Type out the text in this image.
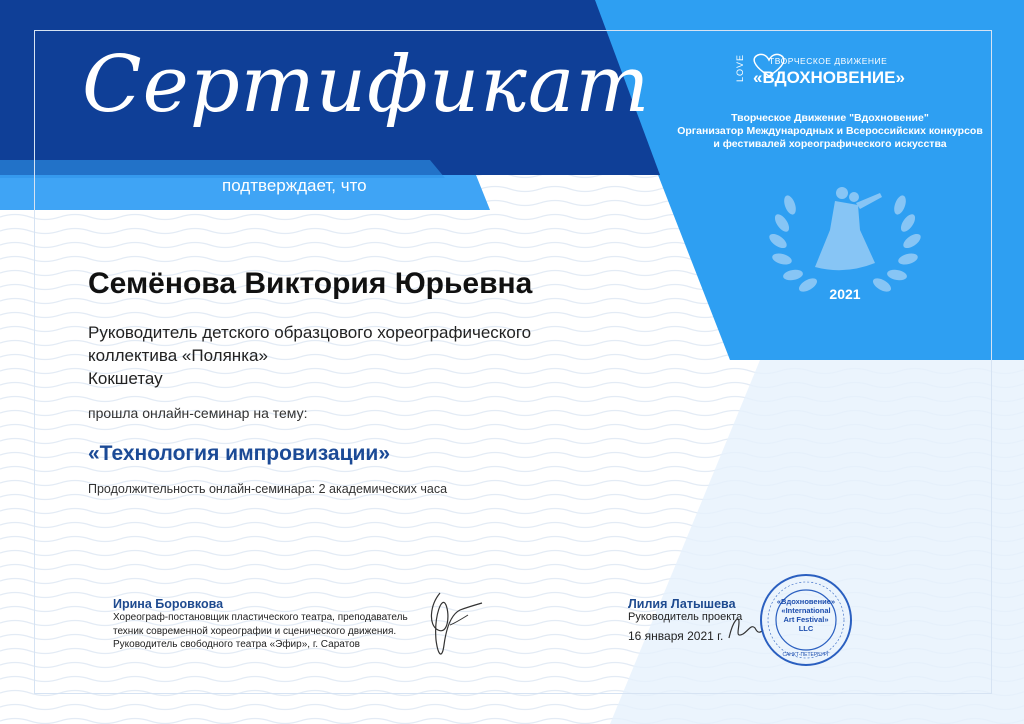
Сертификат
подтверждает, что
LOVE	ТВОРЧЕСКОЕ ДВИЖЕНИЕ
«ВДОХНОВЕНИЕ»
Творческое Движение "Вдохновение"
Организатор Международных и Всероссийских конкурсов
и фестивалей хореографического искусства
2021
Семёнова Виктория Юрьевна
Руководитель детского образцового хореографического
коллектива «Полянка»
Кокшетау
прошла онлайн-семинар на тему:
«Технология импровизации»
Продолжительность онлайн-семинара: 2 академических часа
Ирина Боровкова
Хореограф-постановщик пластического театра, преподаватель
техник современной хореографии и сценического движения.
Руководитель свободного театра «Эфир», г. Саратов
Лилия Латышева
Руководитель проекта
16 января 2021 г.
«Вдохновение»
«International
Art Festival»
LLC
САНКТ-ПЕТЕРБУРГ
